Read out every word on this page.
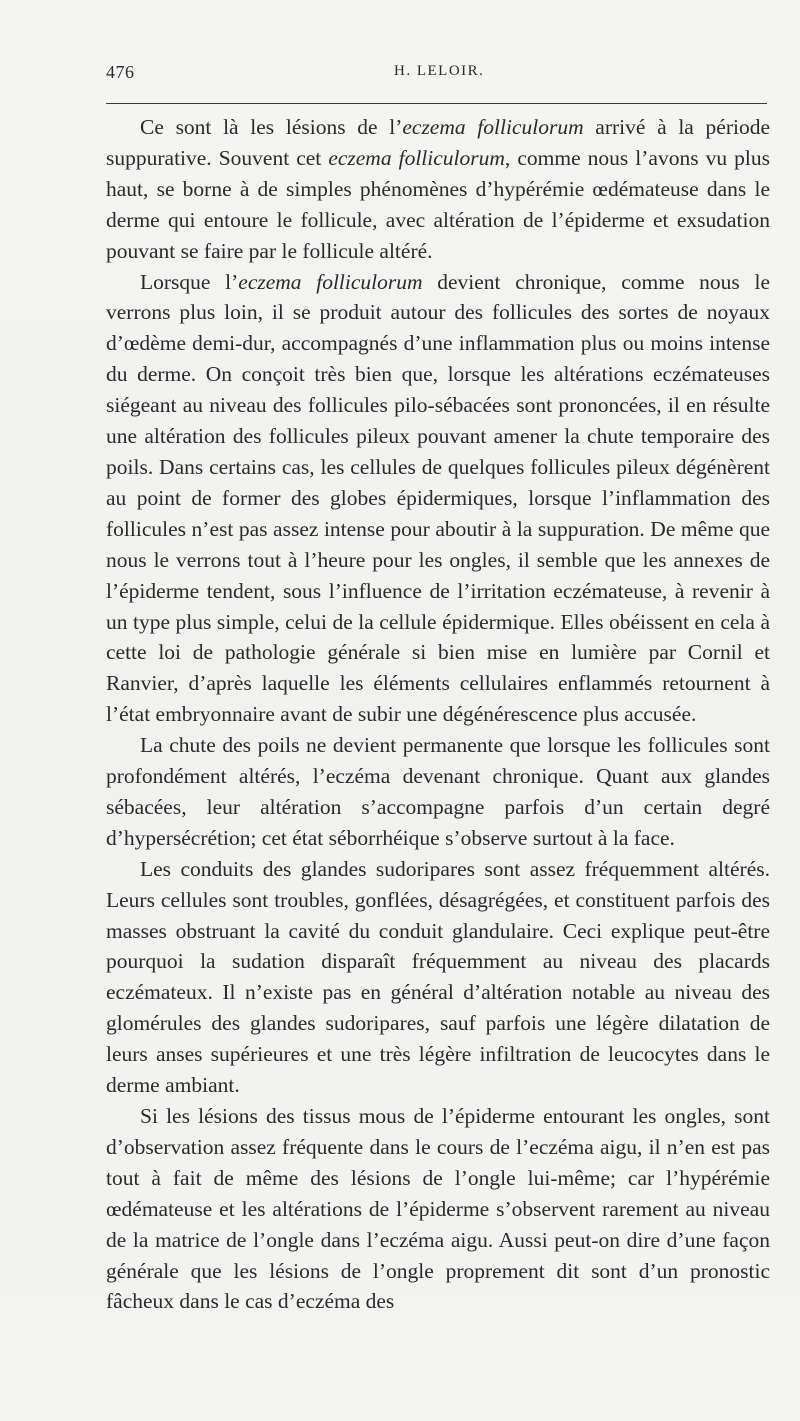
476	H. LELOIR.

Ce sont là les lésions de l’eczema folliculorum arrivé à la période suppurative. Souvent cet eczema folliculorum, comme nous l’avons vu plus haut, se borne à de simples phénomènes d’hypérémie œdémateuse dans le derme qui entoure le follicule, avec altération de l’épiderme et exsudation pouvant se faire par le follicule altéré.

Lorsque l’eczema folliculorum devient chronique, comme nous le verrons plus loin, il se produit autour des follicules des sortes de noyaux d’œdème demi-dur, accompagnés d’une inflammation plus ou moins intense du derme. On conçoit très bien que, lorsque les altérations eczémateuses siégeant au niveau des follicules pilo-sébacées sont prononcées, il en résulte une altération des follicules pileux pouvant amener la chute temporaire des poils. Dans certains cas, les cellules de quelques follicules pileux dégénèrent au point de former des globes épidermiques, lorsque l’inflammation des follicules n’est pas assez intense pour aboutir à la suppuration. De même que nous le verrons tout à l’heure pour les ongles, il semble que les annexes de l’épiderme tendent, sous l’influence de l’irritation eczémateuse, à revenir à un type plus simple, celui de la cellule épidermique. Elles obéissent en cela à cette loi de pathologie générale si bien mise en lumière par Cornil et Ranvier, d’après laquelle les éléments cellulaires enflammés retournent à l’état embryonnaire avant de subir une dégénérescence plus accusée.

La chute des poils ne devient permanente que lorsque les follicules sont profondément altérés, l’eczéma devenant chronique. Quant aux glandes sébacées, leur altération s’accompagne parfois d’un certain degré d’hypersécrétion; cet état séborrhéique s’observe surtout à la face.

Les conduits des glandes sudoripares sont assez fréquemment altérés. Leurs cellules sont troubles, gonflées, désagrégées, et constituent parfois des masses obstruant la cavité du conduit glandulaire. Ceci explique peut-être pourquoi la sudation disparaît fréquemment au niveau des placards eczémateux. Il n’existe pas en général d’altération notable au niveau des glomérules des glandes sudoripares, sauf parfois une légère dilatation de leurs anses supérieures et une très légère infiltration de leucocytes dans le derme ambiant.

Si les lésions des tissus mous de l’épiderme entourant les ongles, sont d’observation assez fréquente dans le cours de l’eczéma aigu, il n’en est pas tout à fait de même des lésions de l’ongle lui-même; car l’hypérémie œdémateuse et les altérations de l’épiderme s’observent rarement au niveau de la matrice de l’ongle dans l’eczéma aigu. Aussi peut-on dire d’une façon générale que les lésions de l’ongle proprement dit sont d’un pronostic fâcheux dans le cas d’eczéma des
